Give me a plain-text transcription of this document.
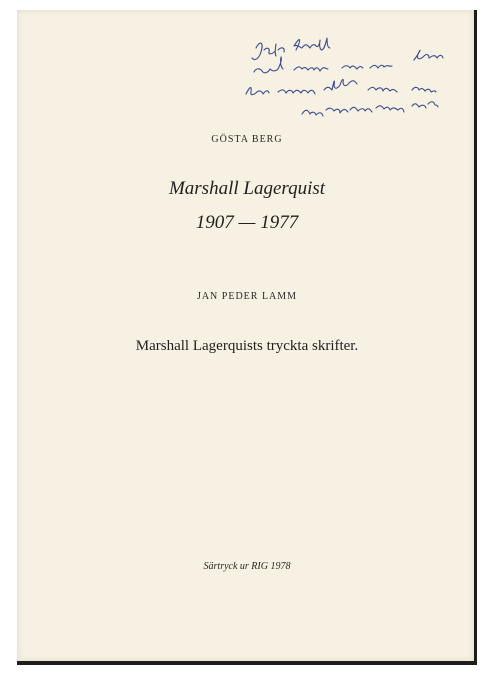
GÖSTA BERG
Marshall Lagerquist
1907 — 1977
JAN PEDER LAMM
Marshall Lagerquists tryckta skrifter.
Särtryck ur RIG 1978
